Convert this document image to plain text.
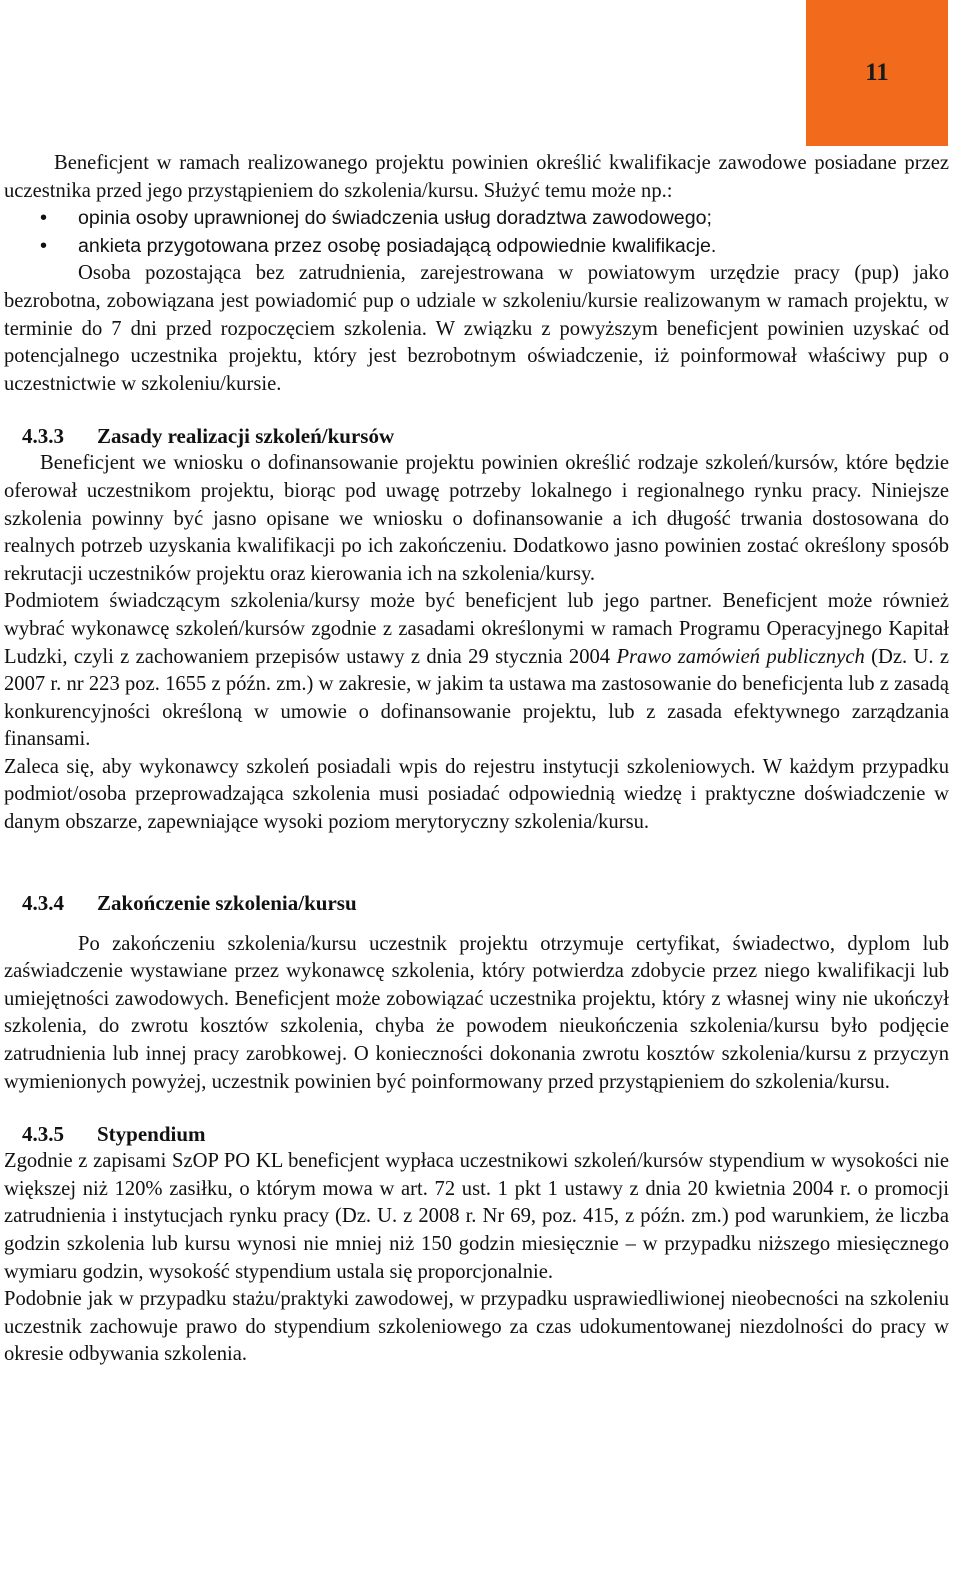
11

Beneficjent w ramach realizowanego projektu powinien określić kwalifikacje zawodowe posiadane przez uczestnika przed jego przystąpieniem do szkolenia/kursu. Służyć temu może np.:

• opinia osoby uprawnionej do świadczenia usług doradztwa zawodowego;
• ankieta przygotowana przez osobę posiadającą odpowiednie kwalifikacje.

Osoba pozostająca bez zatrudnienia, zarejestrowana w powiatowym urzędzie pracy (pup) jako bezrobotna, zobowiązana jest powiadomić pup o udziale w szkoleniu/kursie realizowanym w ramach projektu, w terminie do 7 dni przed rozpoczęciem szkolenia. W związku z powyższym beneficjent powinien uzyskać od potencjalnego uczestnika projektu, który jest bezrobotnym oświadczenie, iż poinformował właściwy pup o uczestnictwie w szkoleniu/kursie.

4.3.3	Zasady realizacji szkoleń/kursów

Beneficjent we wniosku o dofinansowanie projektu powinien określić rodzaje szkoleń/kursów, które będzie oferował uczestnikom projektu, biorąc pod uwagę potrzeby lokalnego i regionalnego rynku pracy. Niniejsze szkolenia powinny być jasno opisane we wniosku o dofinansowanie a ich długość trwania dostosowana do realnych potrzeb uzyskania kwalifikacji po ich zakończeniu. Dodatkowo jasno powinien zostać określony sposób rekrutacji uczestników projektu oraz kierowania ich na szkolenia/kursy.

Podmiotem świadczącym szkolenia/kursy może być beneficjent lub jego partner. Beneficjent może również wybrać wykonawcę szkoleń/kursów zgodnie z zasadami określonymi w ramach Programu Operacyjnego Kapitał Ludzki, czyli z zachowaniem przepisów ustawy z dnia 29 stycznia 2004 Prawo zamówień publicznych (Dz. U. z 2007 r. nr 223 poz. 1655 z późn. zm.) w zakresie, w jakim ta ustawa ma zastosowanie do beneficjenta lub z zasadą konkurencyjności określoną w umowie o dofinansowanie projektu, lub z zasada efektywnego zarządzania finansami.

Zaleca się, aby wykonawcy szkoleń posiadali wpis do rejestru instytucji szkoleniowych. W każdym przypadku podmiot/osoba przeprowadzająca szkolenia musi posiadać odpowiednią wiedzę i praktyczne doświadczenie w danym obszarze, zapewniające wysoki poziom merytoryczny szkolenia/kursu.

4.3.4	Zakończenie szkolenia/kursu

Po zakończeniu szkolenia/kursu uczestnik projektu otrzymuje certyfikat, świadectwo, dyplom lub zaświadczenie wystawiane przez wykonawcę szkolenia, który potwierdza zdobycie przez niego kwalifikacji lub umiejętności zawodowych. Beneficjent może zobowiązać uczestnika projektu, który z własnej winy nie ukończył szkolenia, do zwrotu kosztów szkolenia, chyba że powodem nieukończenia szkolenia/kursu było podjęcie zatrudnienia lub innej pracy zarobkowej. O konieczności dokonania zwrotu kosztów szkolenia/kursu z przyczyn wymienionych powyżej, uczestnik powinien być poinformowany przed przystąpieniem do szkolenia/kursu.

4.3.5	Stypendium

Zgodnie z zapisami SzOP PO KL beneficjent wypłaca uczestnikowi szkoleń/kursów stypendium w wysokości nie większej niż 120% zasiłku, o którym mowa w art. 72 ust. 1 pkt 1 ustawy z dnia 20 kwietnia 2004 r. o promocji zatrudnienia i instytucjach rynku pracy (Dz. U. z 2008 r. Nr 69, poz. 415, z późn. zm.) pod warunkiem, że liczba godzin szkolenia lub kursu wynosi nie mniej niż 150 godzin miesięcznie – w przypadku niższego miesięcznego wymiaru godzin, wysokość stypendium ustala się proporcjonalnie.

Podobnie jak w przypadku stażu/praktyki zawodowej, w przypadku usprawiedliwionej nieobecności na szkoleniu uczestnik zachowuje prawo do stypendium szkoleniowego za czas udokumentowanej niezdolności do pracy w okresie odbywania szkolenia.
